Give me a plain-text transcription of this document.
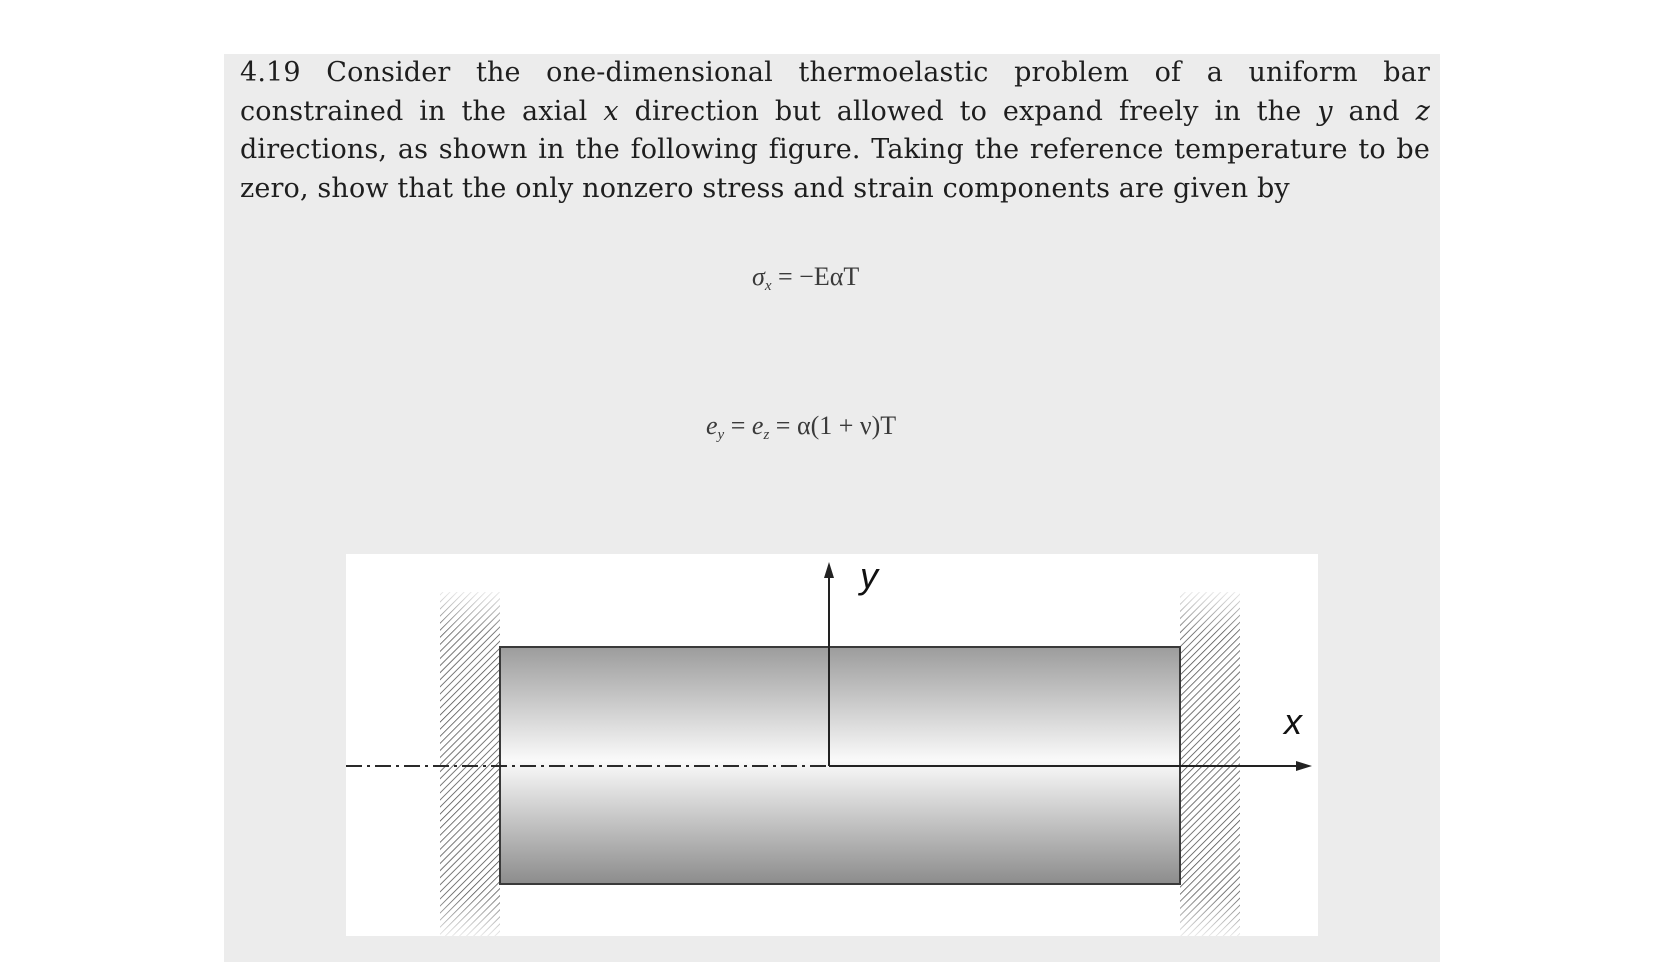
4.19 Consider the one-dimensional thermoelastic problem of a uniform bar constrained in the axial x direction but allowed to expand freely in the y and z directions, as shown in the following figure. Taking the reference temperature to be zero, show that the only nonzero stress and strain components are given by

$\sigma_x = -E\alpha T$
$e_y = e_z = \alpha(1 + \nu)T$
y
x
